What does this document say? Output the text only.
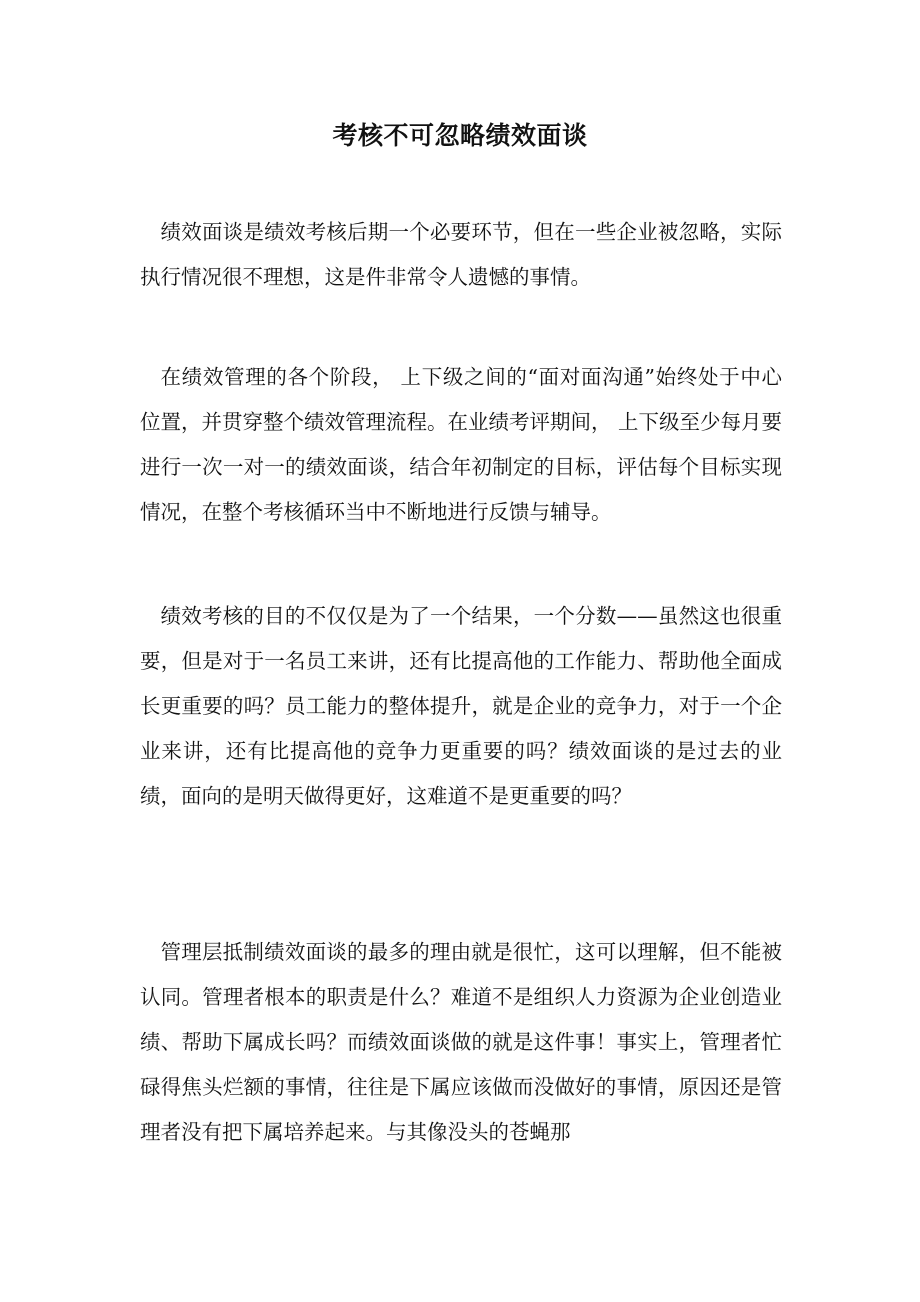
考核不可忽略绩效面谈

绩效面谈是绩效考核后期一个必要环节，但在一些企业被忽略，实际执行情况很不理想，这是件非常令人遗憾的事情。

在绩效管理的各个阶段， 上下级之间的“面对面沟通”始终处于中心位置，并贯穿整个绩效管理流程。在业绩考评期间， 上下级至少每月要进行一次一对一的绩效面谈，结合年初制定的目标，评估每个目标实现情况，在整个考核循环当中不断地进行反馈与辅导。

绩效考核的目的不仅仅是为了一个结果，一个分数——虽然这也很重要，但是对于一名员工来讲，还有比提高他的工作能力、帮助他全面成长更重要的吗？员工能力的整体提升，就是企业的竞争力，对于一个企业来讲，还有比提高他的竞争力更重要的吗？绩效面谈的是过去的业绩，面向的是明天做得更好，这难道不是更重要的吗？

管理层抵制绩效面谈的最多的理由就是很忙，这可以理解，但不能被认同。管理者根本的职责是什么？难道不是组织人力资源为企业创造业绩、帮助下属成长吗？而绩效面谈做的就是这件事！事实上，管理者忙碌得焦头烂额的事情，往往是下属应该做而没做好的事情，原因还是管理者没有把下属培养起来。与其像没头的苍蝇那
